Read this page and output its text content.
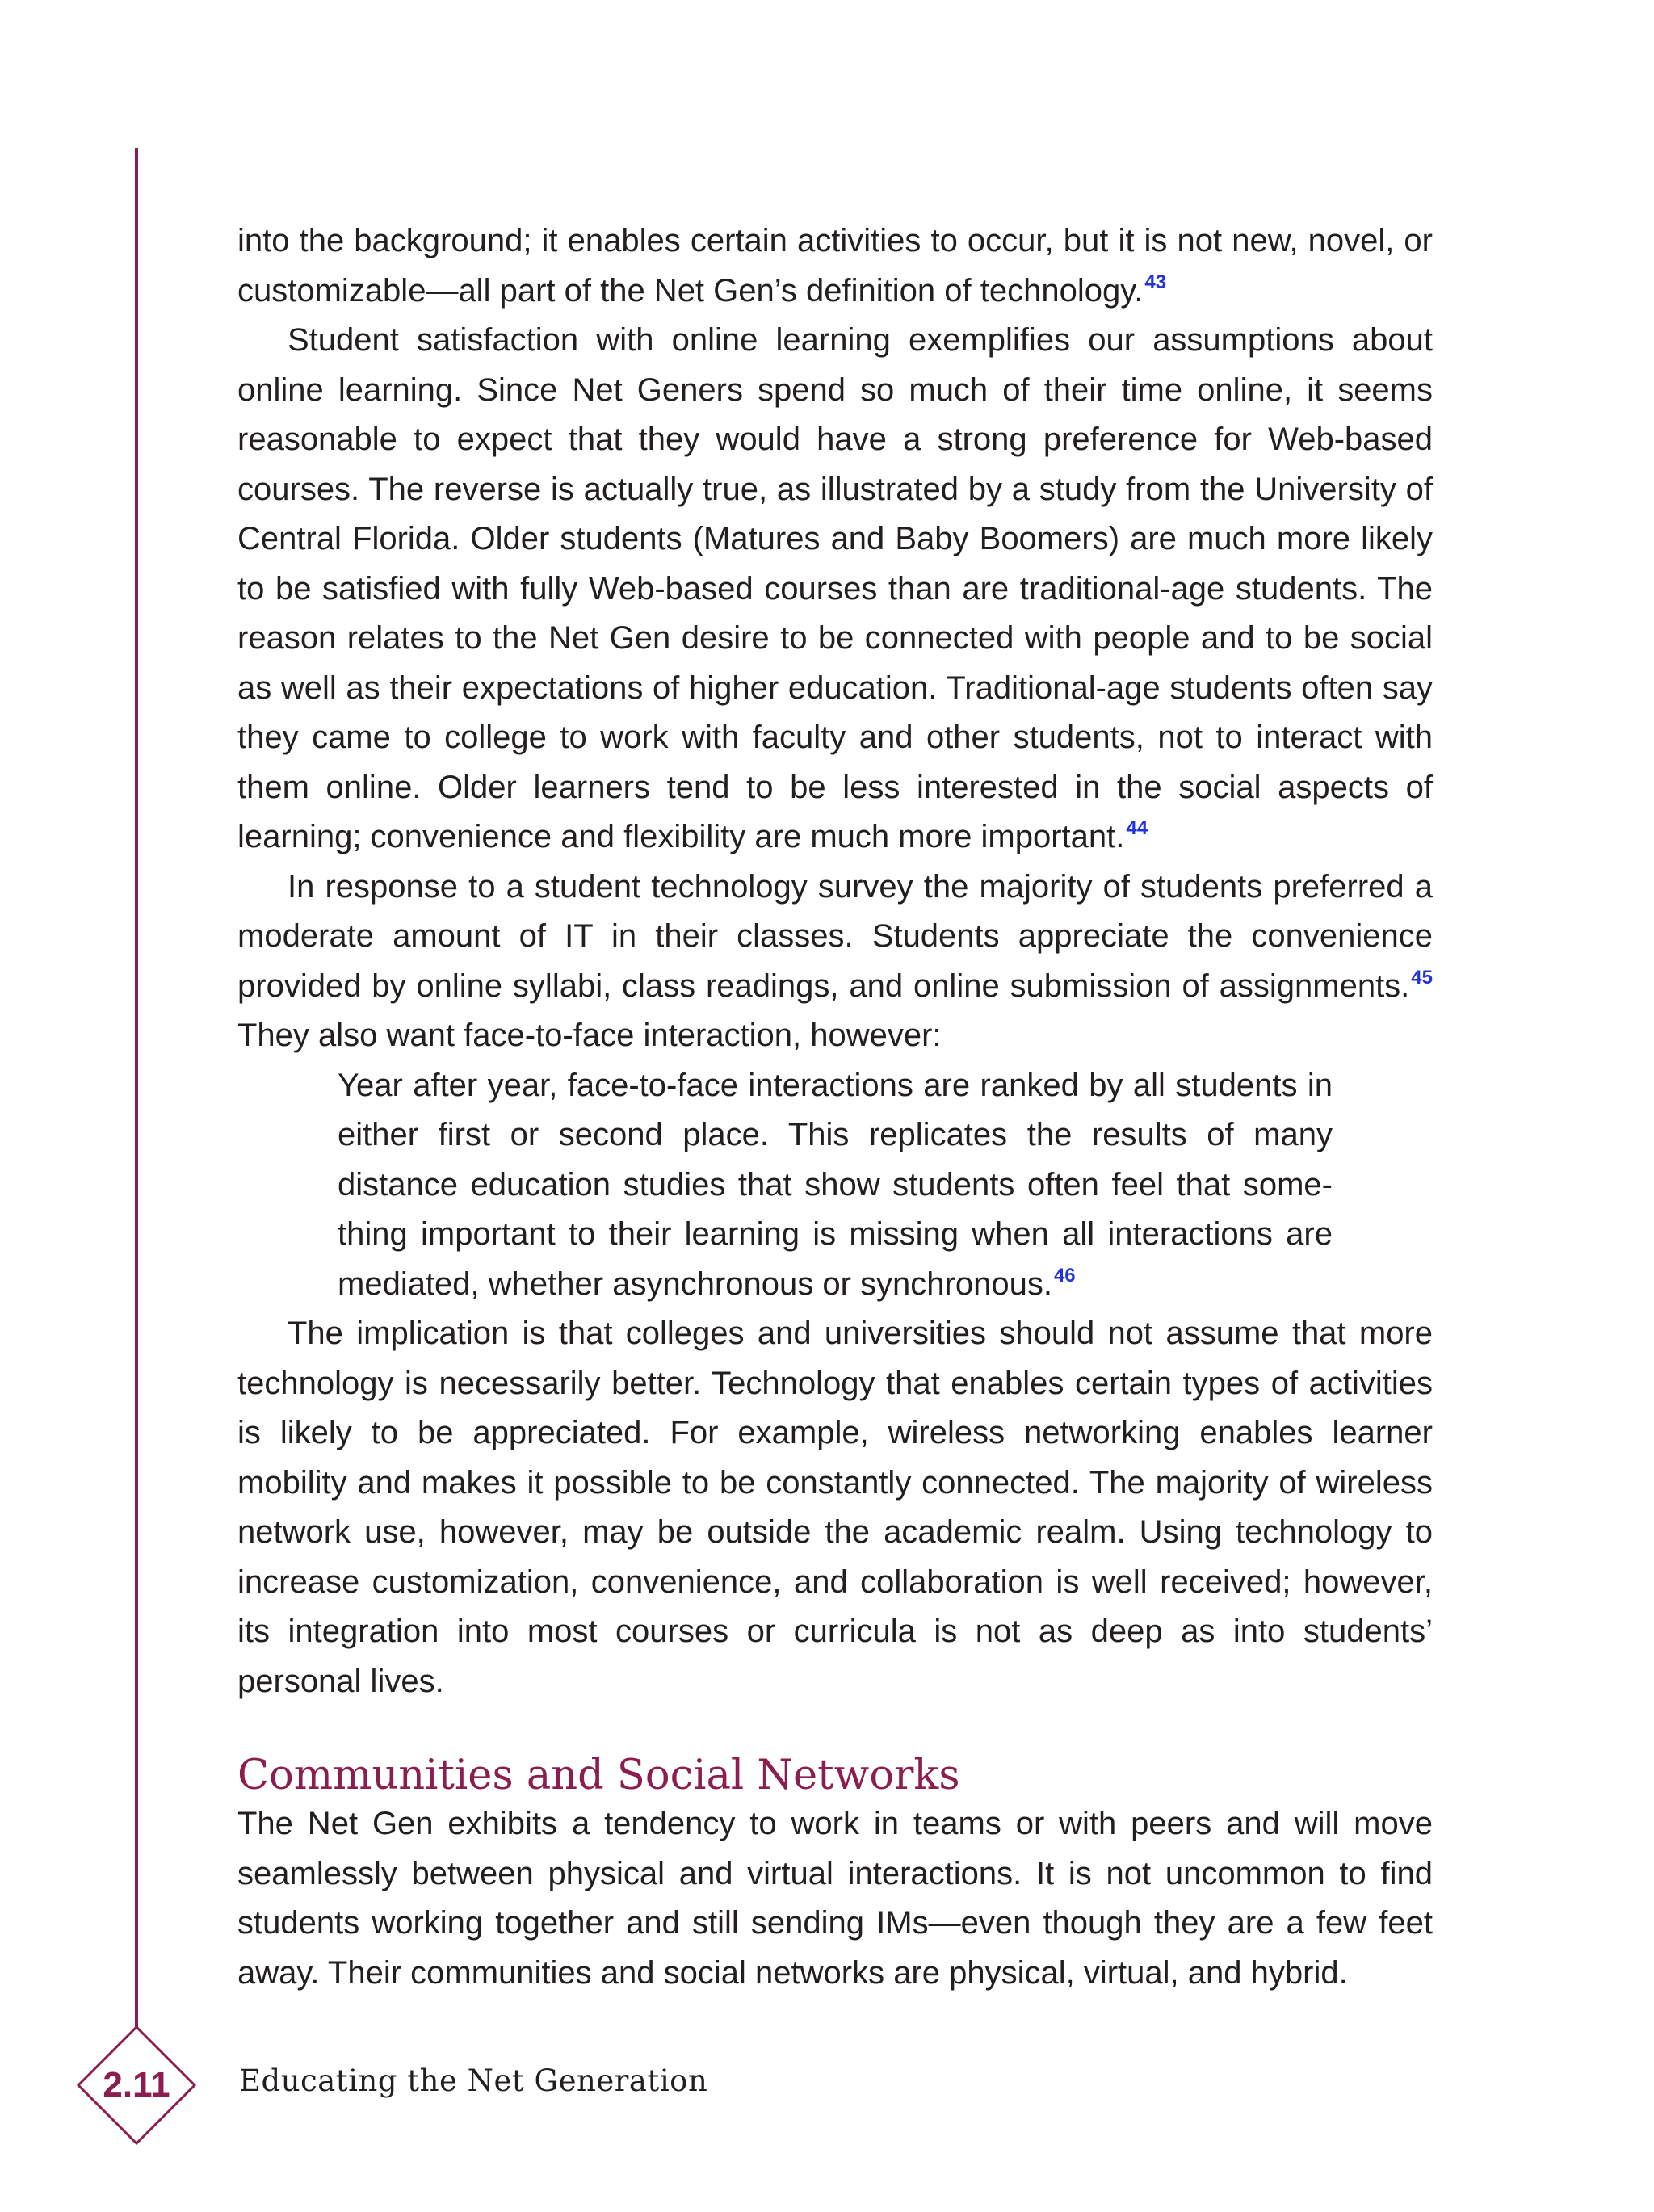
into the background; it enables certain activities to occur, but it is not new, novel, or customizable—all part of the Net Gen’s definition of technology.$^{43}$

Student satisfaction with online learning exemplifies our assumptions about online learning. Since Net Geners spend so much of their time online, it seems reasonable to expect that they would have a strong preference for Web-based courses. The reverse is actually true, as illustrated by a study from the University of Central Florida. Older students (Matures and Baby Boomers) are much more likely to be satisfied with fully Web-based courses than are traditional-age students. The reason relates to the Net Gen desire to be connected with people and to be social as well as their expectations of higher education. Traditional-age students often say they came to college to work with faculty and other students, not to interact with them online. Older learners tend to be less interested in the social aspects of learning; convenience and flexibility are much more important.$^{44}$

In response to a student technology survey the majority of students preferred a moderate amount of IT in their classes. Students appreciate the convenience provided by online syllabi, class readings, and online submission of assignments.$^{45}$ They also want face-to-face interaction, however:

Year after year, face-to-face interactions are ranked by all students in either first or second place. This replicates the results of many distance education studies that show students often feel that some-thing important to their learning is missing when all interactions are mediated, whether asynchronous or synchronous.$^{46}$

The implication is that colleges and universities should not assume that more technology is necessarily better. Technology that enables certain types of activities is likely to be appreciated. For example, wireless networking enables learner mobility and makes it possible to be constantly connected. The majority of wireless network use, however, may be outside the academic realm. Using technology to increase customization, convenience, and collaboration is well received; however, its integration into most courses or curricula is not as deep as into students’ personal lives.

Communities and Social Networks

The Net Gen exhibits a tendency to work in teams or with peers and will move seamlessly between physical and virtual interactions. It is not uncommon to find students working together and still sending IMs—even though they are a few feet away. Their communities and social networks are physical, virtual, and hybrid.

2.11	Educating the Net Generation
